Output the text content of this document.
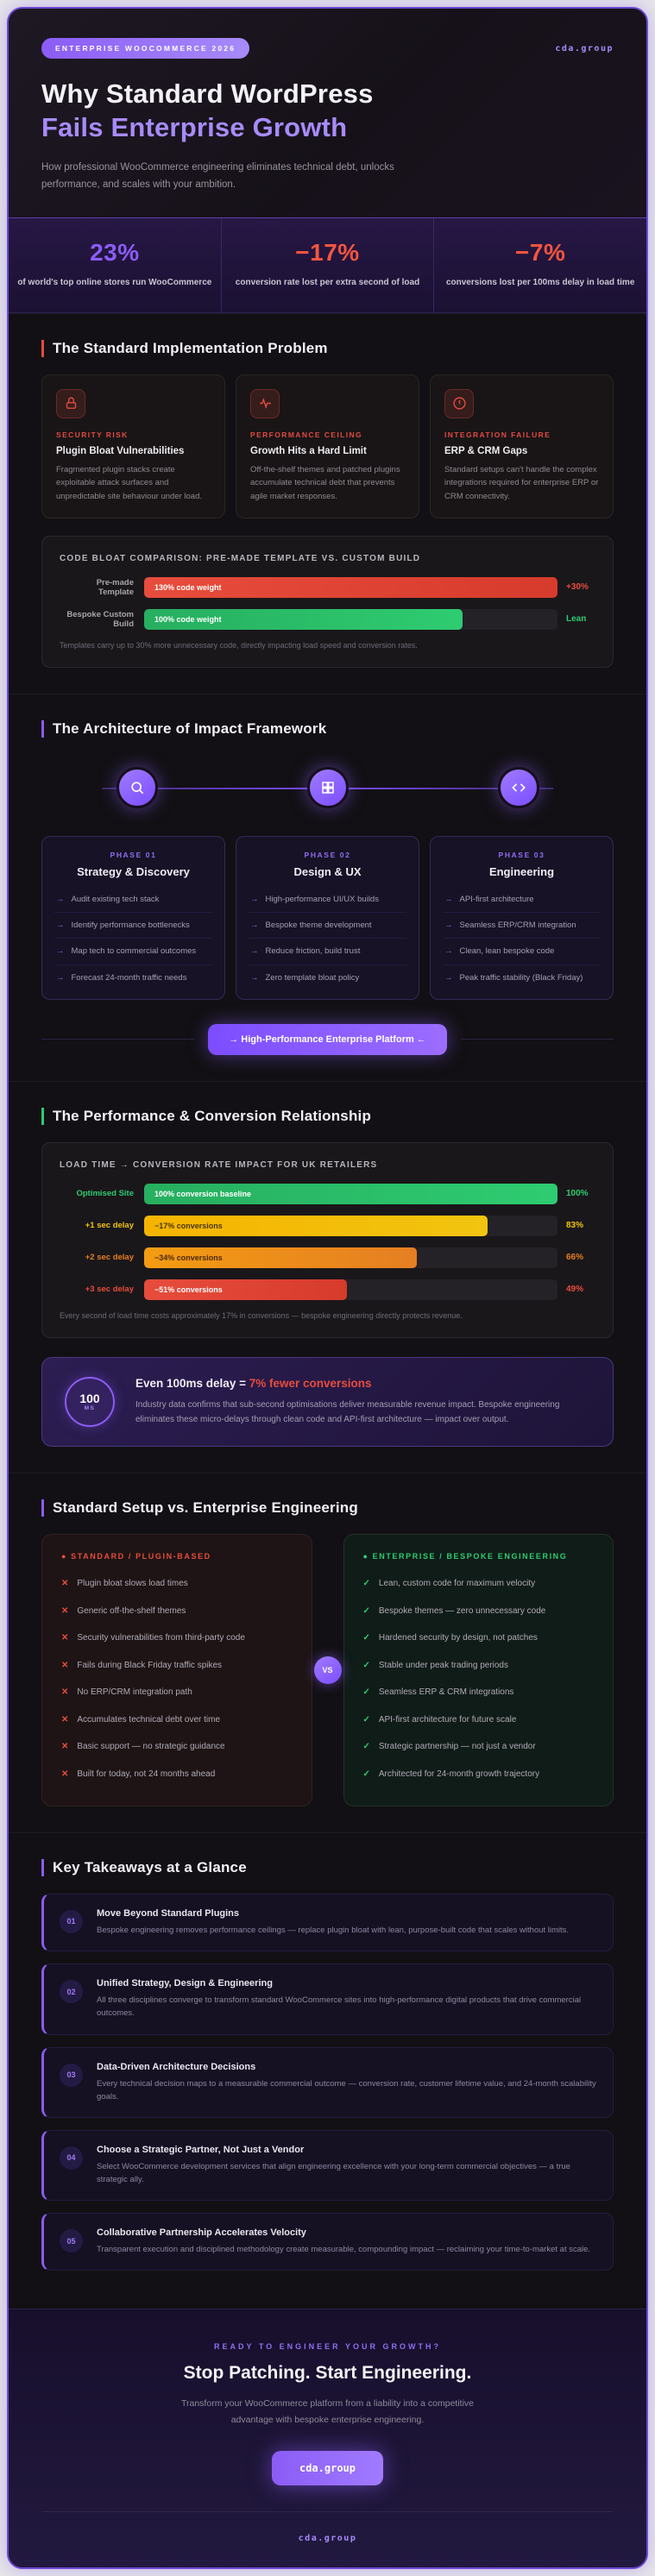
ENTERPRISE WOOCOMMERCE 2026	cda.group
Why Standard WordPress
Fails Enterprise Growth

How professional WooCommerce engineering eliminates technical debt, unlocks performance, and scales with your ambition.

23%
of world's top online stores run WooCommerce
−17%
conversion rate lost per extra second of load
−7%
conversions lost per 100ms delay in load time
The Standard Implementation Problem
SECURITY RISK
Plugin Bloat Vulnerabilities
Fragmented plugin stacks create exploitable attack surfaces and unpredictable site behaviour under load.
PERFORMANCE CEILING
Growth Hits a Hard Limit
Off-the-shelf themes and patched plugins accumulate technical debt that prevents agile market responses.
INTEGRATION FAILURE
ERP & CRM Gaps
Standard setups can't handle the complex integrations required for enterprise ERP or CRM connectivity.
CODE BLOAT COMPARISON: PRE-MADE TEMPLATE VS. CUSTOM BUILD
Pre-made Template	130% code weight	+30%
Bespoke Custom Build	100% code weight	Lean
Templates carry up to 30% more unnecessary code, directly impacting load speed and conversion rates.
The Architecture of Impact Framework
PHASE 01
Strategy & Discovery
→ Audit existing tech stack
→ Identify performance bottlenecks
→ Map tech to commercial outcomes
→ Forecast 24-month traffic needs
PHASE 02
Design & UX
→ High-performance UI/UX builds
→ Bespoke theme development
→ Reduce friction, build trust
→ Zero template bloat policy
PHASE 03
Engineering
→ API-first architecture
→ Seamless ERP/CRM integration
→ Clean, lean bespoke code
→ Peak traffic stability (Black Friday)
→ High-Performance Enterprise Platform ←
The Performance & Conversion Relationship
LOAD TIME → CONVERSION RATE IMPACT FOR UK RETAILERS
Optimised Site	100% conversion baseline	100%
+1 sec delay	−17% conversions	83%
+2 sec delay	−34% conversions	66%
+3 sec delay	−51% conversions	49%
Every second of load time costs approximately 17% in conversions — bespoke engineering directly protects revenue.
100
MS
Even 100ms delay = 7% fewer conversions
Industry data confirms that sub-second optimisations deliver measurable revenue impact. Bespoke engineering eliminates these micro-delays through clean code and API-first architecture — impact over output.
Standard Setup vs. Enterprise Engineering
● STANDARD / PLUGIN-BASED
✕ Plugin bloat slows load times
✕ Generic off-the-shelf themes
✕ Security vulnerabilities from third-party code
✕ Fails during Black Friday traffic spikes
✕ No ERP/CRM integration path
✕ Accumulates technical debt over time
✕ Basic support — no strategic guidance
✕ Built for today, not 24 months ahead
● ENTERPRISE / BESPOKE ENGINEERING
✓ Lean, custom code for maximum velocity
✓ Bespoke themes — zero unnecessary code
✓ Hardened security by design, not patches
✓ Stable under peak trading periods
✓ Seamless ERP & CRM integrations
✓ API-first architecture for future scale
✓ Strategic partnership — not just a vendor
✓ Architected for 24-month growth trajectory
VS
Key Takeaways at a Glance
01
Move Beyond Standard Plugins
Bespoke engineering removes performance ceilings — replace plugin bloat with lean, purpose-built code that scales without limits.
02
Unified Strategy, Design & Engineering
All three disciplines converge to transform standard WooCommerce sites into high-performance digital products that drive commercial outcomes.
03
Data-Driven Architecture Decisions
Every technical decision maps to a measurable commercial outcome — conversion rate, customer lifetime value, and 24-month scalability goals.
04
Choose a Strategic Partner, Not Just a Vendor
Select WooCommerce development services that align engineering excellence with your long-term commercial objectives — a true strategic ally.
05
Collaborative Partnership Accelerates Velocity
Transparent execution and disciplined methodology create measurable, compounding impact — reclaiming your time-to-market at scale.
READY TO ENGINEER YOUR GROWTH?
Stop Patching. Start Engineering.

Transform your WooCommerce platform from a liability into a competitive advantage with bespoke enterprise engineering.

cda.group
cda.group
